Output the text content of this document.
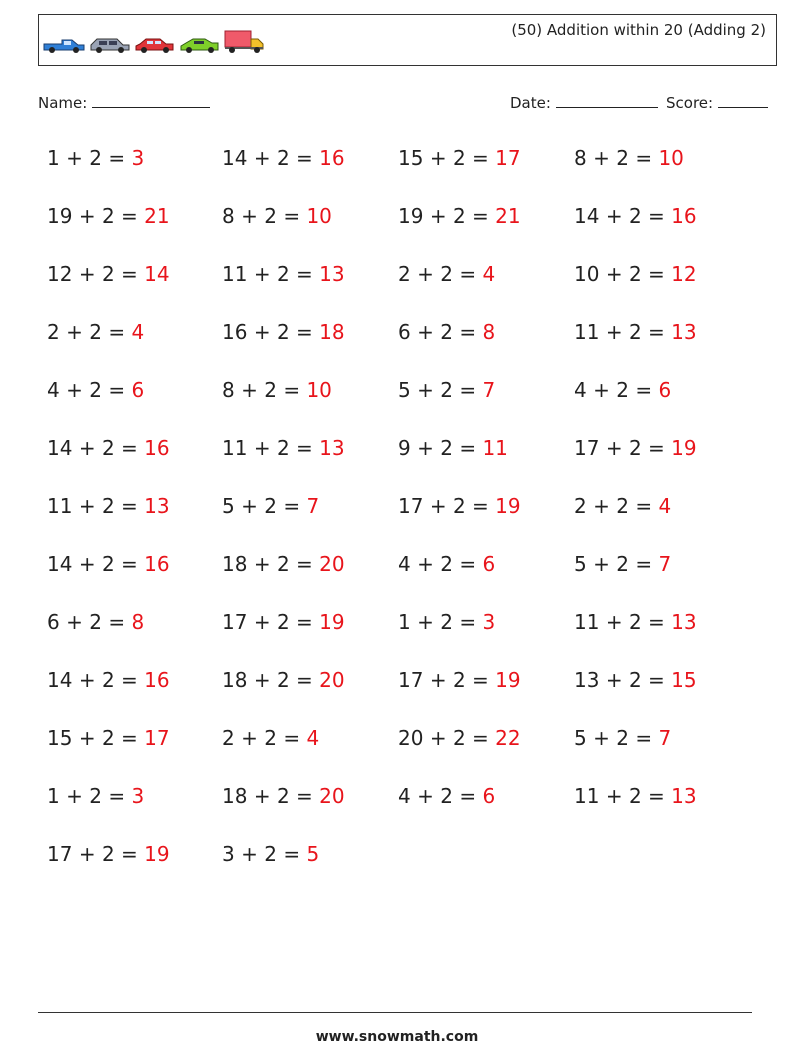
(50) Addition within 20 (Adding 2)
Name:	Date:	Score:
1 + 2 = 3
19 + 2 = 21
12 + 2 = 14
2 + 2 = 4
4 + 2 = 6
14 + 2 = 16
11 + 2 = 13
14 + 2 = 16
6 + 2 = 8
14 + 2 = 16
15 + 2 = 17
1 + 2 = 3
17 + 2 = 19
14 + 2 = 16
8 + 2 = 10
11 + 2 = 13
16 + 2 = 18
8 + 2 = 10
11 + 2 = 13
5 + 2 = 7
18 + 2 = 20
17 + 2 = 19
18 + 2 = 20
2 + 2 = 4
18 + 2 = 20
3 + 2 = 5
15 + 2 = 17
19 + 2 = 21
2 + 2 = 4
6 + 2 = 8
5 + 2 = 7
9 + 2 = 11
17 + 2 = 19
4 + 2 = 6
1 + 2 = 3
17 + 2 = 19
20 + 2 = 22
4 + 2 = 6
8 + 2 = 10
14 + 2 = 16
10 + 2 = 12
11 + 2 = 13
4 + 2 = 6
17 + 2 = 19
2 + 2 = 4
5 + 2 = 7
11 + 2 = 13
13 + 2 = 15
5 + 2 = 7
11 + 2 = 13
www.snowmath.com
